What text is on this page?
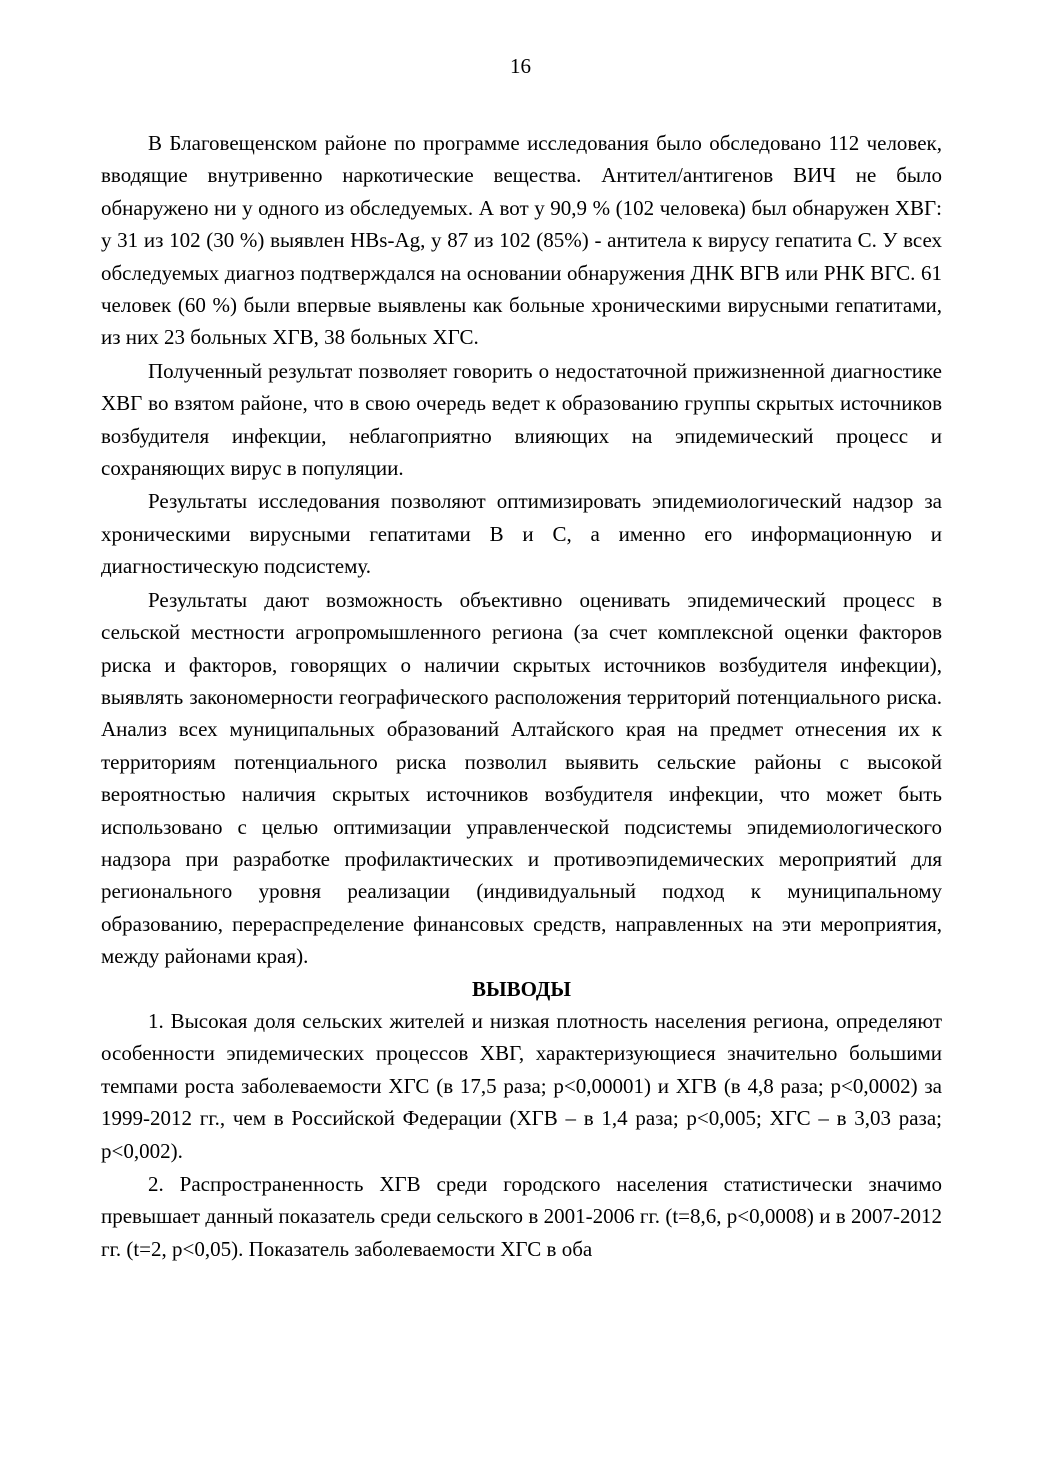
16

В Благовещенском районе по программе исследования было обследовано 112 человек, вводящие внутривенно наркотические вещества. Антител/антигенов ВИЧ не было обнаружено ни у одного из обследуемых. А вот у 90,9 % (102 человека) был обнаружен ХВГ: у 31 из 102 (30 %) выявлен HBs-Ag, у 87 из 102 (85%) - антитела к вирусу гепатита С. У всех обследуемых диагноз подтверждался на основании обнаружения ДНК ВГВ или РНК ВГС. 61 человек (60 %) были впервые выявлены как больные хроническими вирусными гепатитами, из них 23 больных ХГВ, 38 больных ХГС.

Полученный результат позволяет говорить о недостаточной прижизненной диагностике ХВГ во взятом районе, что в свою очередь ведет к образованию группы скрытых источников возбудителя инфекции, неблагоприятно влияющих на эпидемический процесс и сохраняющих вирус в популяции.

Результаты исследования позволяют оптимизировать эпидемиологический надзор за хроническими вирусными гепатитами В и С, а именно его информационную и диагностическую подсистему.

Результаты дают возможность объективно оценивать эпидемический процесс в сельской местности агропромышленного региона (за счет комплексной оценки факторов риска и факторов, говорящих о наличии скрытых источников возбудителя инфекции), выявлять закономерности географического расположения территорий потенциального риска. Анализ всех муниципальных образований Алтайского края на предмет отнесения их к территориям потенциального риска позволил выявить сельские районы с высокой вероятностью наличия скрытых источников возбудителя инфекции, что может быть использовано с целью оптимизации управленческой подсистемы эпидемиологического надзора при разработке профилактических и противоэпидемических мероприятий для регионального уровня реализации (индивидуальный подход к муниципальному образованию, перераспределение финансовых средств, направленных на эти мероприятия, между районами края).

ВЫВОДЫ

1. Высокая доля сельских жителей и низкая плотность населения региона, определяют особенности эпидемических процессов ХВГ, характеризующиеся значительно большими темпами роста заболеваемости ХГС (в 17,5 раза; p<0,00001) и ХГВ (в 4,8 раза; p<0,0002) за 1999-2012 гг., чем в Российской Федерации (ХГВ – в 1,4 раза; p<0,005; ХГС – в 3,03 раза; p<0,002).

2. Распространенность ХГВ среди городского населения статистически значимо превышает данный показатель среди сельского в 2001-2006 гг. (t=8,6, p<0,0008) и в 2007-2012 гг. (t=2, p<0,05). Показатель заболеваемости ХГС в оба
